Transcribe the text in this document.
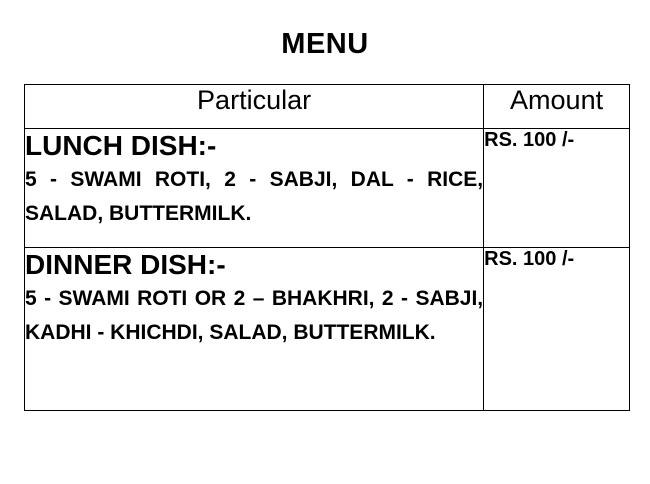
MENU
Particular	Amount

LUNCH DISH:-
5 - SWAMI ROTI, 2 - SABJI, DAL - RICE, SALAD, BUTTERMILK.	RS. 100 /-

DINNER DISH:-
5 - SWAMI ROTI OR 2 – BHAKHRI, 2 - SABJI, KADHI - KHICHDI, SALAD, BUTTERMILK.	RS. 100 /-
